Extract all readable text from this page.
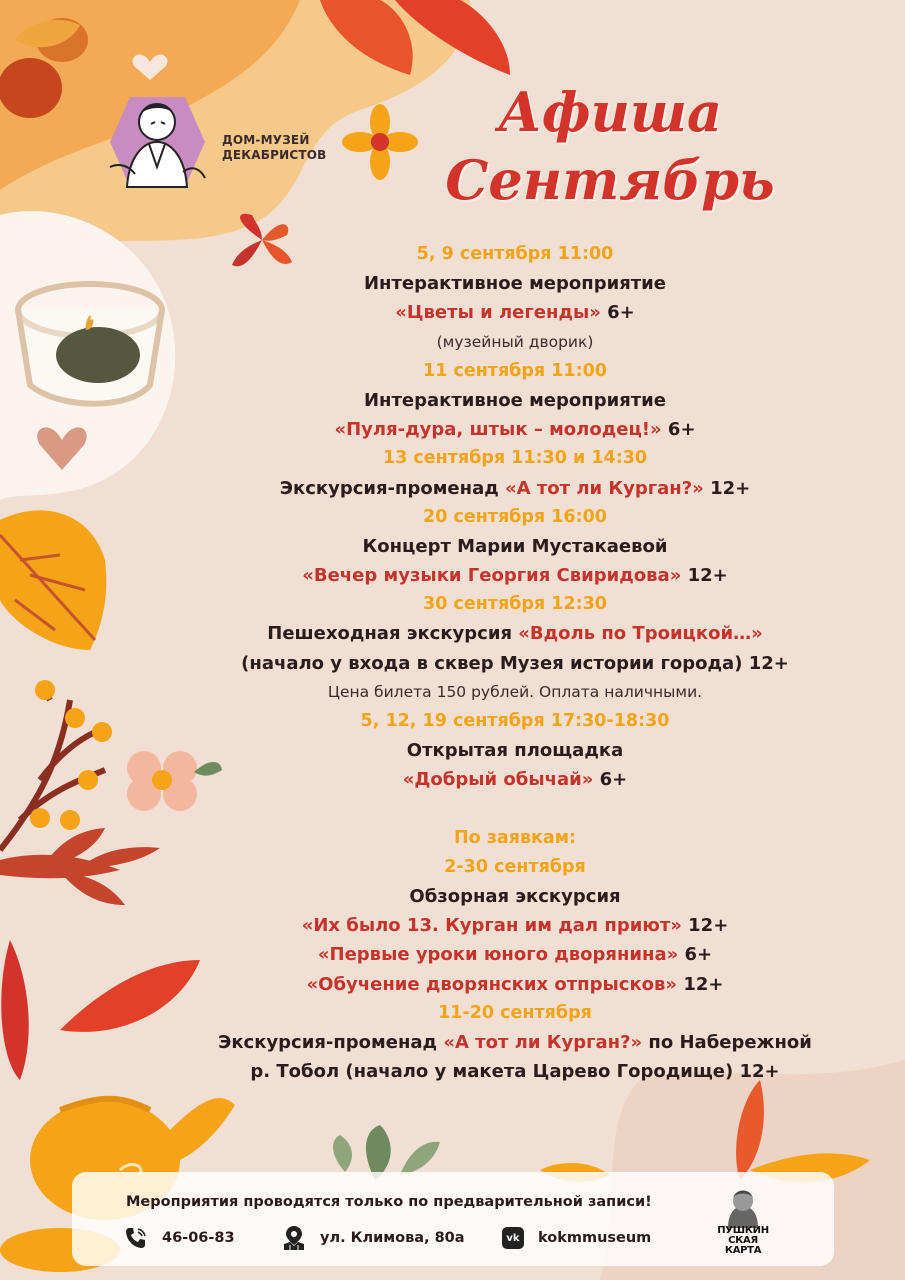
ДОМ-МУЗЕЙ
ДЕКАБРИСТОВ
Афиша
Сентябрь
5, 9 сентября 11:00
Интерактивное мероприятие
«Цветы и легенды» 6+
(музейный дворик)
11 сентября 11:00
Интерактивное мероприятие
«Пуля-дура, штык – молодец!» 6+
13 сентября 11:30 и 14:30
Экскурсия-променад «А тот ли Курган?» 12+
20 сентября 16:00
Концерт Марии Мустакаевой
«Вечер музыки Георгия Свиридова» 12+
30 сентября 12:30
Пешеходная экскурсия «Вдоль по Троицкой…»
(начало у входа в сквер Музея истории города) 12+
Цена билета 150 рублей. Оплата наличными.
5, 12, 19 сентября 17:30-18:30
Открытая площадка
«Добрый обычай» 6+
По заявкам:
2-30 сентября
Обзорная экскурсия
«Их было 13. Курган им дал приют» 12+
«Первые уроки юного дворянина» 6+
«Обучение дворянских отпрысков» 12+
11-20 сентября
Экскурсия-променад «А тот ли Курган?» по Набережной
р. Тобол (начало у макета Царево Городище) 12+
Мероприятия проводятся только по предварительной записи!
46-06-83	ул. Климова, 80а	vk	kokmmuseum	ПУШКИН
СКАЯ
КАРТА
